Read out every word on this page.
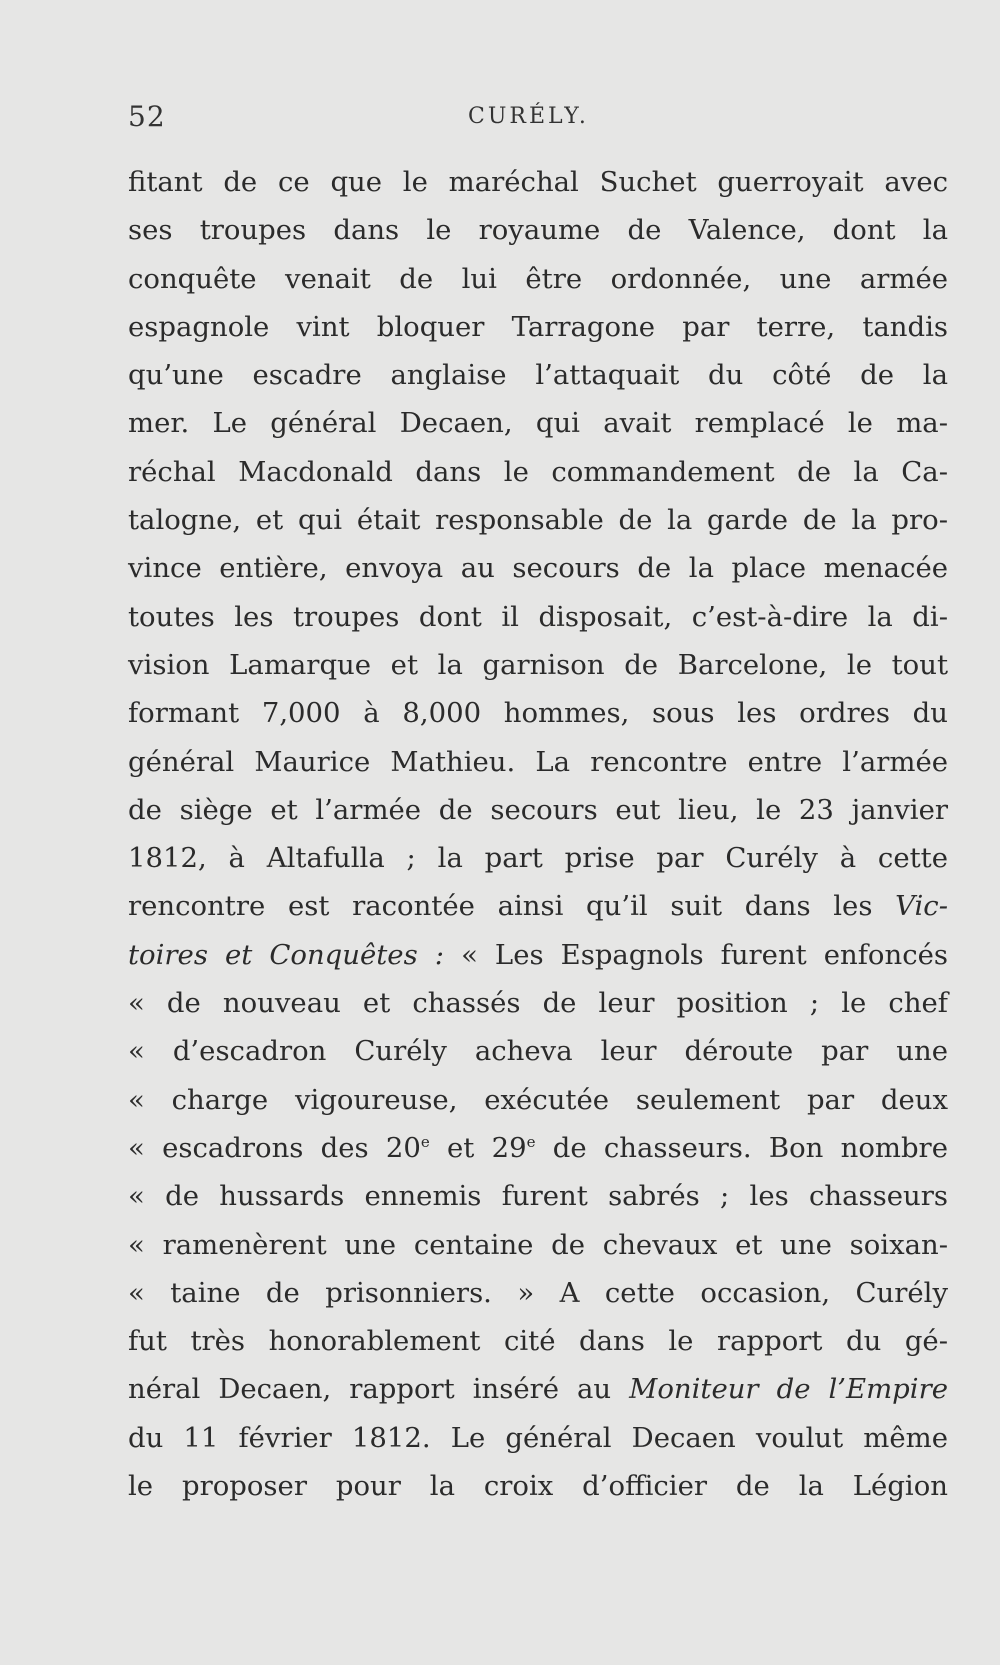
52	CURÉLY.
fitant de ce que le maréchal Suchet guerroyait avec
ses troupes dans le royaume de Valence, dont la
conquête venait de lui être ordonnée, une armée
espagnole vint bloquer Tarragone par terre, tandis
qu’une escadre anglaise l’attaquait du côté de la
mer. Le général Decaen, qui avait remplacé le ma-
réchal Macdonald dans le commandement de la Ca-
talogne, et qui était responsable de la garde de la pro-
vince entière, envoya au secours de la place menacée
toutes les troupes dont il disposait, c’est-à-dire la di-
vision Lamarque et la garnison de Barcelone, le tout
formant 7,000 à 8,000 hommes, sous les ordres du
général Maurice Mathieu. La rencontre entre l’armée
de siège et l’armée de secours eut lieu, le 23 janvier
1812, à Altafulla ; la part prise par Curély à cette
rencontre est racontée ainsi qu’il suit dans les Vic-
toires et Conquêtes : « Les Espagnols furent enfoncés
« de nouveau et chassés de leur position ; le chef
« d’escadron Curély acheva leur déroute par une
« charge vigoureuse, exécutée seulement par deux
« escadrons des 20e et 29e de chasseurs. Bon nombre
« de hussards ennemis furent sabrés ; les chasseurs
« ramenèrent une centaine de chevaux et une soixan-
« taine de prisonniers. » A cette occasion, Curély
fut très honorablement cité dans le rapport du gé-
néral Decaen, rapport inséré au Moniteur de l’Empire
du 11 février 1812. Le général Decaen voulut même
le proposer pour la croix d’officier de la Légion
